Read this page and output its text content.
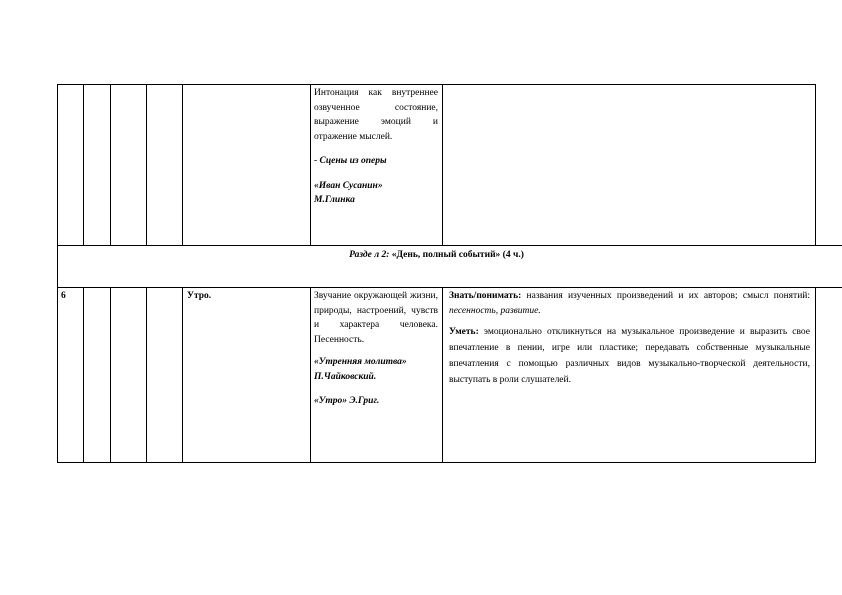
Интонация как внутреннее озвученное состояние, выражение эмоций и отражение мыслей.

- Сцены из оперы

«Иван Сусанин»
М.Глинка
Разде л 2: «День, полный событий» (4 ч.)
6	Утро.	Звучание окружающей жизни, природы, настроений, чувств и характера человека. Песенность.

«Утренняя молитва» П.Чайковский.

«Утро» Э.Григ.

Знать/понимать: названия изученных произведений и их авторов; смысл понятий: песенность, развитие.

Уметь: эмоционально откликнуться на музыкальное произведение и выразить свое впечатление в пении, игре или пластике; передавать собственные музыкальные впечатления с помощью различных видов музыкально-творческой деятельности, выступать в роли слушателей.
